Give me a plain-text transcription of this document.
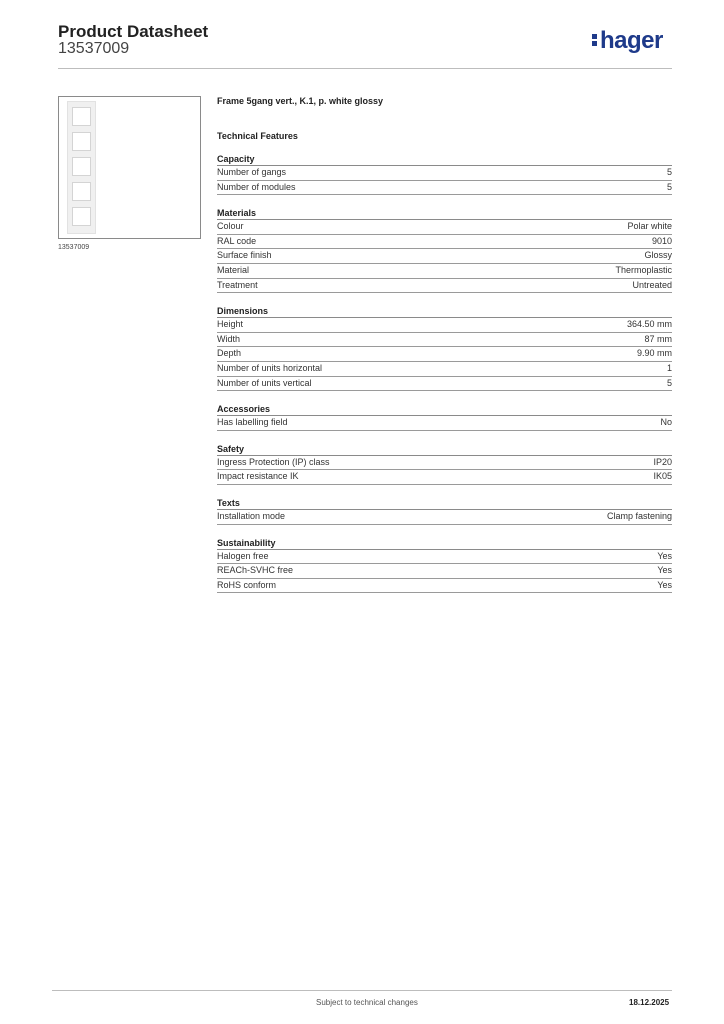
Product Datasheet
13537009	hager
13537009
Frame 5gang vert., K.1, p. white glossy
Technical Features
Capacity
Number of gangs	5
Number of modules	5
Materials
Colour	Polar white
RAL code	9010
Surface finish	Glossy
Material	Thermoplastic
Treatment	Untreated
Dimensions
Height	364.50 mm
Width	87 mm
Depth	9.90 mm
Number of units horizontal	1
Number of units vertical	5
Accessories
Has labelling field	No
Safety
Ingress Protection (IP) class	IP20
Impact resistance IK	IK05
Texts
Installation mode	Clamp fastening
Sustainability
Halogen free	Yes
REACh-SVHC free	Yes
RoHS conform	Yes
Subject to technical changes	18.12.2025
